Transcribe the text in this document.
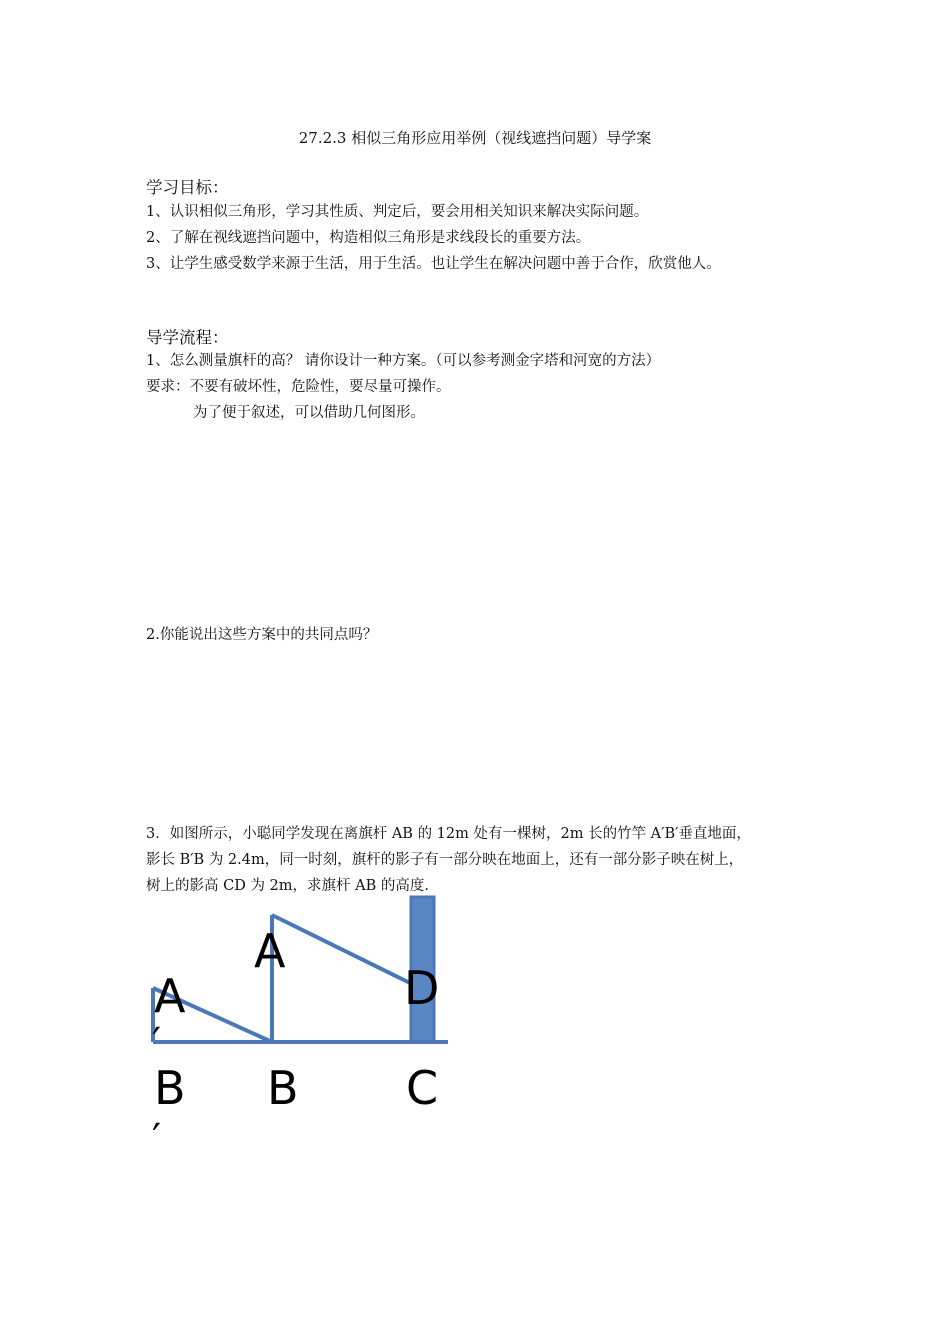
27.2.3 相似三角形应用举例（视线遮挡问题）导学案
学习目标：
1、认识相似三角形，学习其性质、判定后，要会用相关知识来解决实际问题。
2、了解在视线遮挡问题中，构造相似三角形是求线段长的重要方法。
3、让学生感受数学来源于生活，用于生活。也让学生在解决问题中善于合作，欣赏他人。
导学流程：
1、怎么测量旗杆的高？ 请你设计一种方案。（可以参考测金字塔和河宽的方法）
要求：不要有破坏性，危险性，要尽量可操作。
为了便于叙述，可以借助几何图形。
2.你能说出这些方案中的共同点吗？
3．如图所示，小聪同学发现在离旗杆 AB 的 12m 处有一棵树，2m 长的竹竿 A′B′垂直地面，
影长 B′B 为 2.4m，同一时刻，旗杆的影子有一部分映在地面上，还有一部分影子映在树上，
树上的影高 CD 为 2m，求旗杆 AB 的高度.
A
′
B
′
A
B
D
C
